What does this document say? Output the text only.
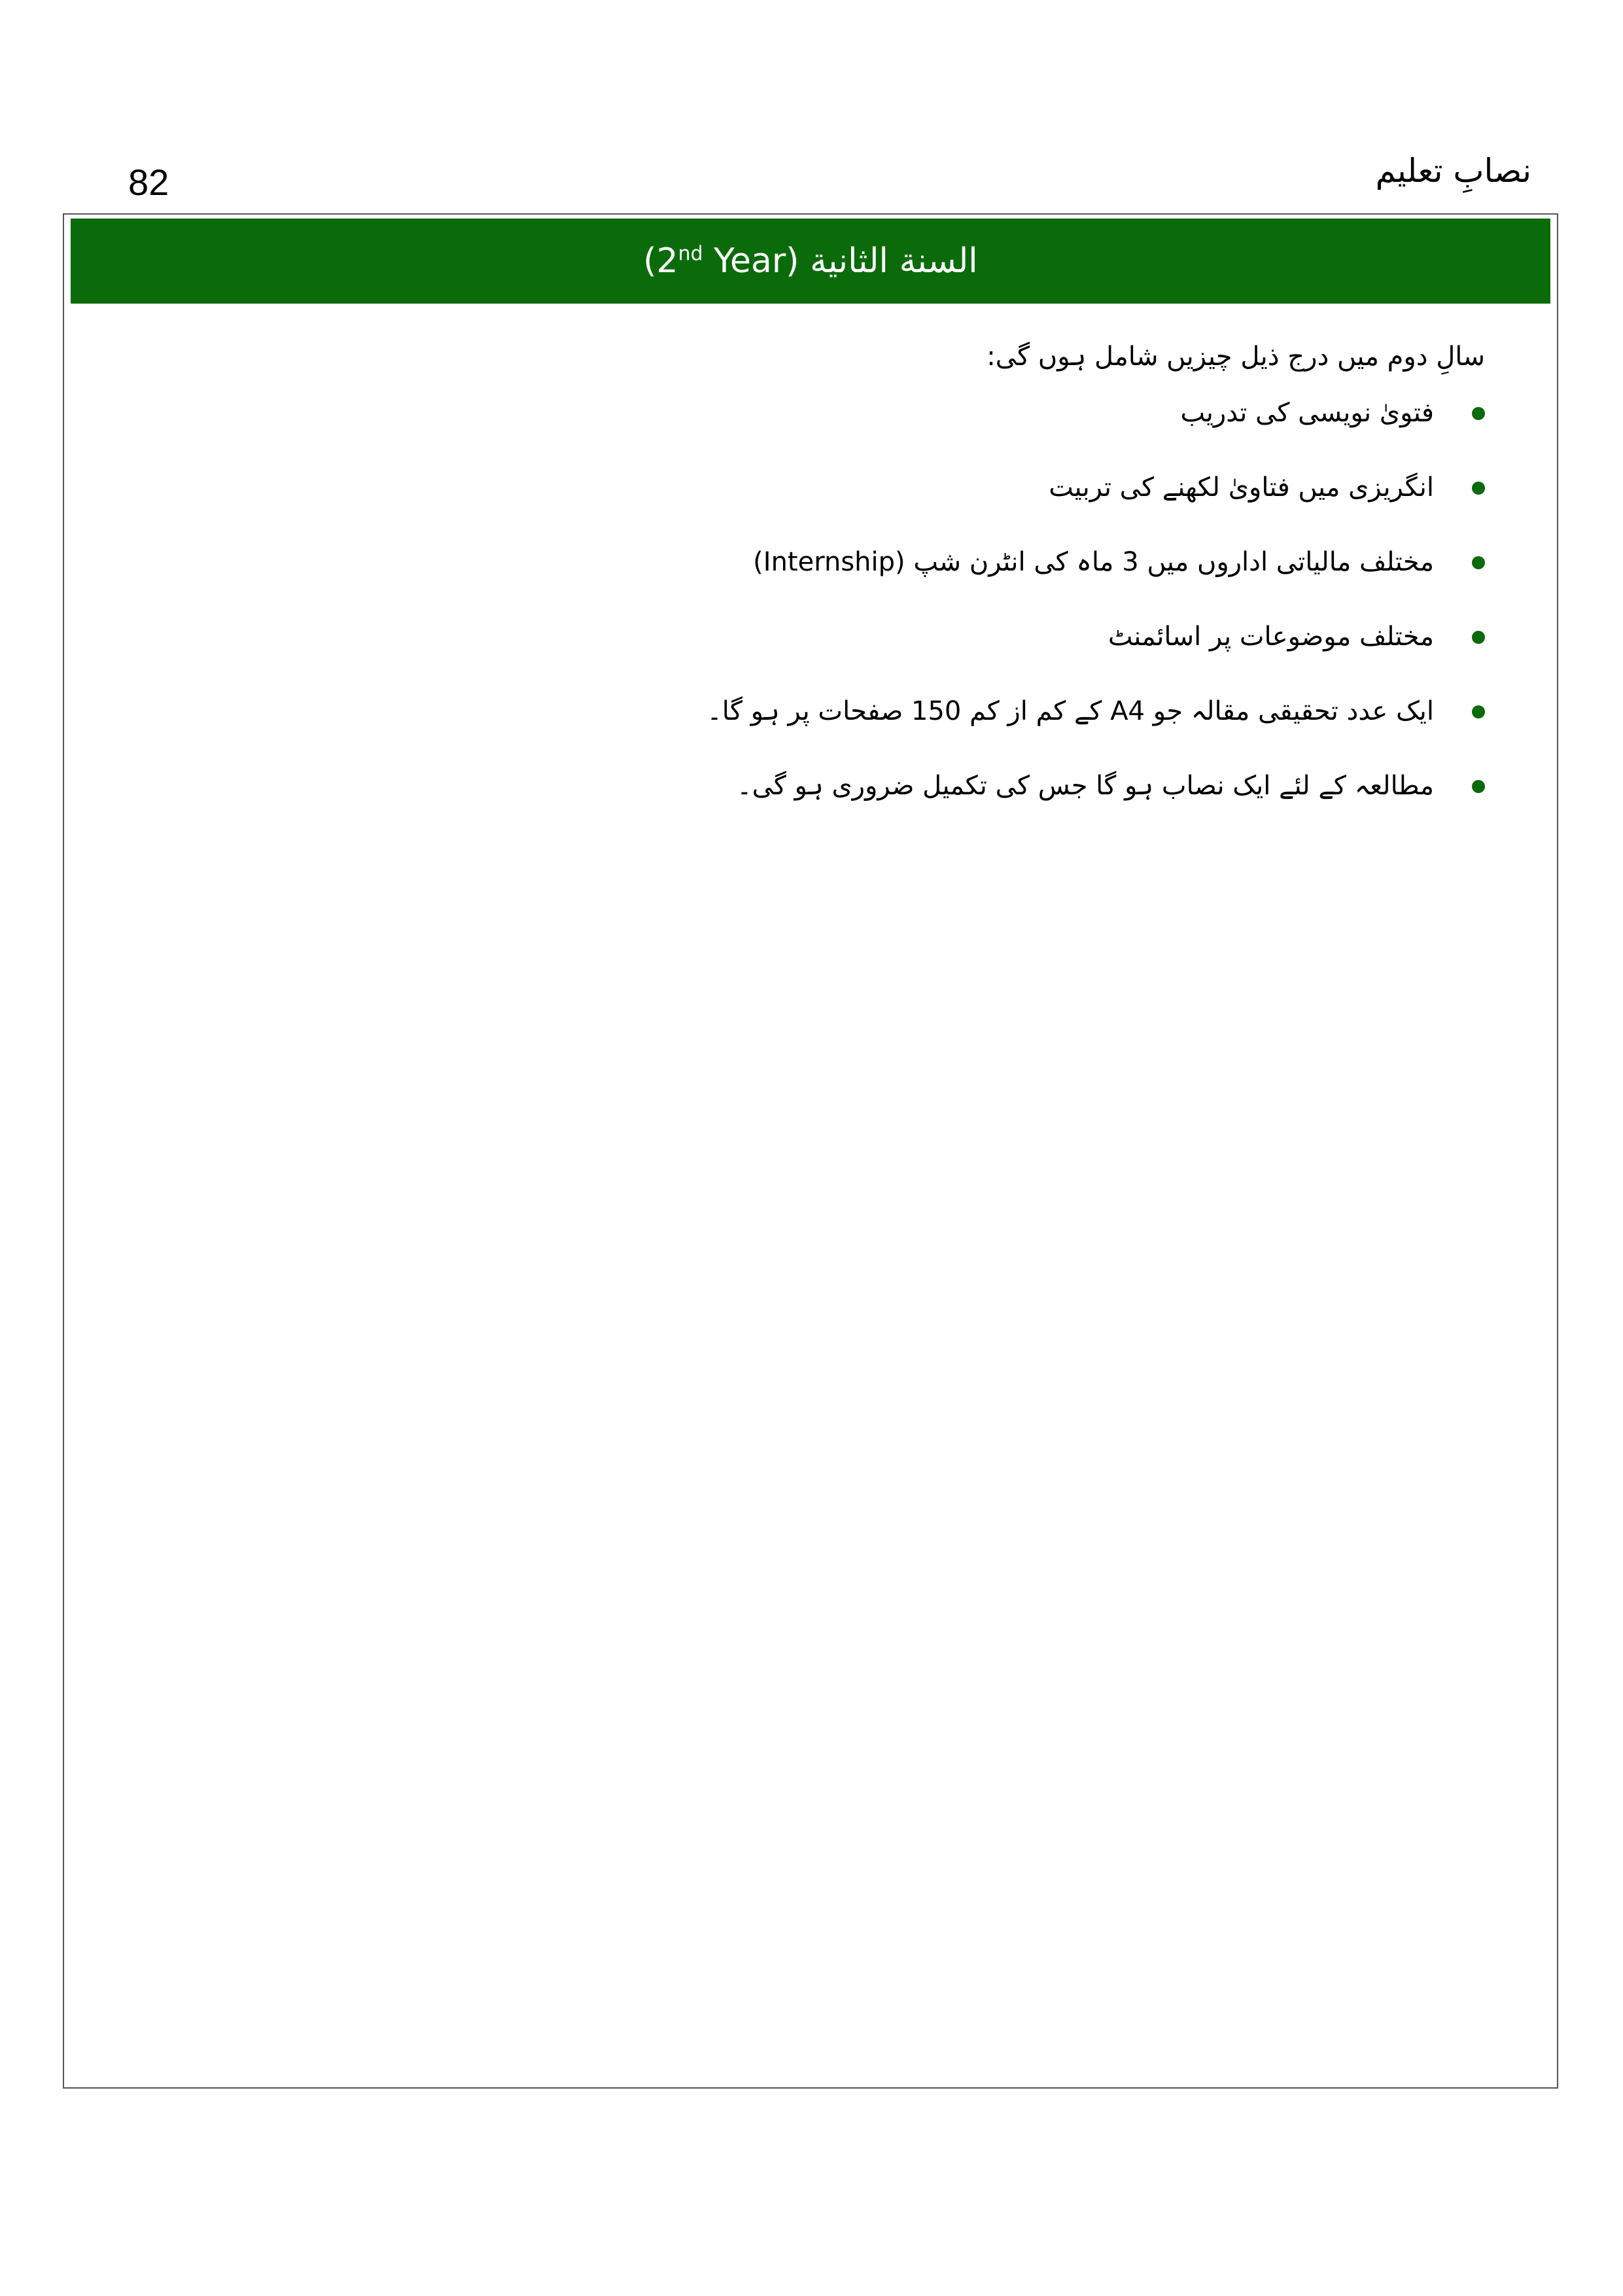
82	نصابِ تعلیم
السنة الثانية (2nd Year)

سالِ دوم میں درج ذیل چیزیں شامل ہوں گی:

فتویٰ نویسی کی تدریب
انگریزی میں فتاویٰ لکھنے کی تربیت
مختلف مالیاتی اداروں میں 3 ماہ کی انٹرن شپ (Internship)
مختلف موضوعات پر اسائمنٹ
ایک عدد تحقیقی مقالہ جو A4 کے کم از کم 150 صفحات پر ہو گا۔
مطالعہ کے لئے ایک نصاب ہو گا جس کی تکمیل ضروری ہو گی۔
